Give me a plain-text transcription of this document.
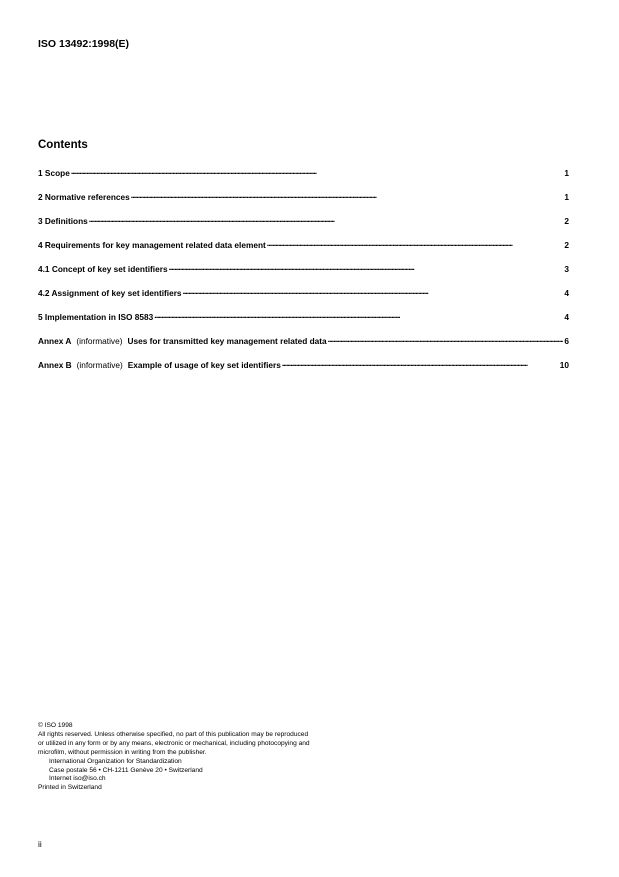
ISO 13492:1998(E)
Contents
1 Scope . . .	1
2 Normative references . . .	1
3 Definitions . . .	2
4 Requirements for key management related data element . . .	2
4.1 Concept of key set identifiers . . .	3
4.2 Assignment of key set identifiers . . .	4
5 Implementation in ISO 8583 . . .	4
Annex A (informative) Uses for transmitted key management related data . . .	6
Annex B (informative) Example of usage of key set identifiers . . .	10

© ISO 1998

All rights reserved. Unless otherwise specified, no part of this publication may be reproduced

or utilized in any form or by any means, electronic or mechanical, including photocopying and

microfilm, without permission in writing from the publisher.

International Organization for Standardization

Case postale 56 • CH-1211 Genève 20 • Switzerland

Internet iso@iso.ch

Printed in Switzerland

ii
